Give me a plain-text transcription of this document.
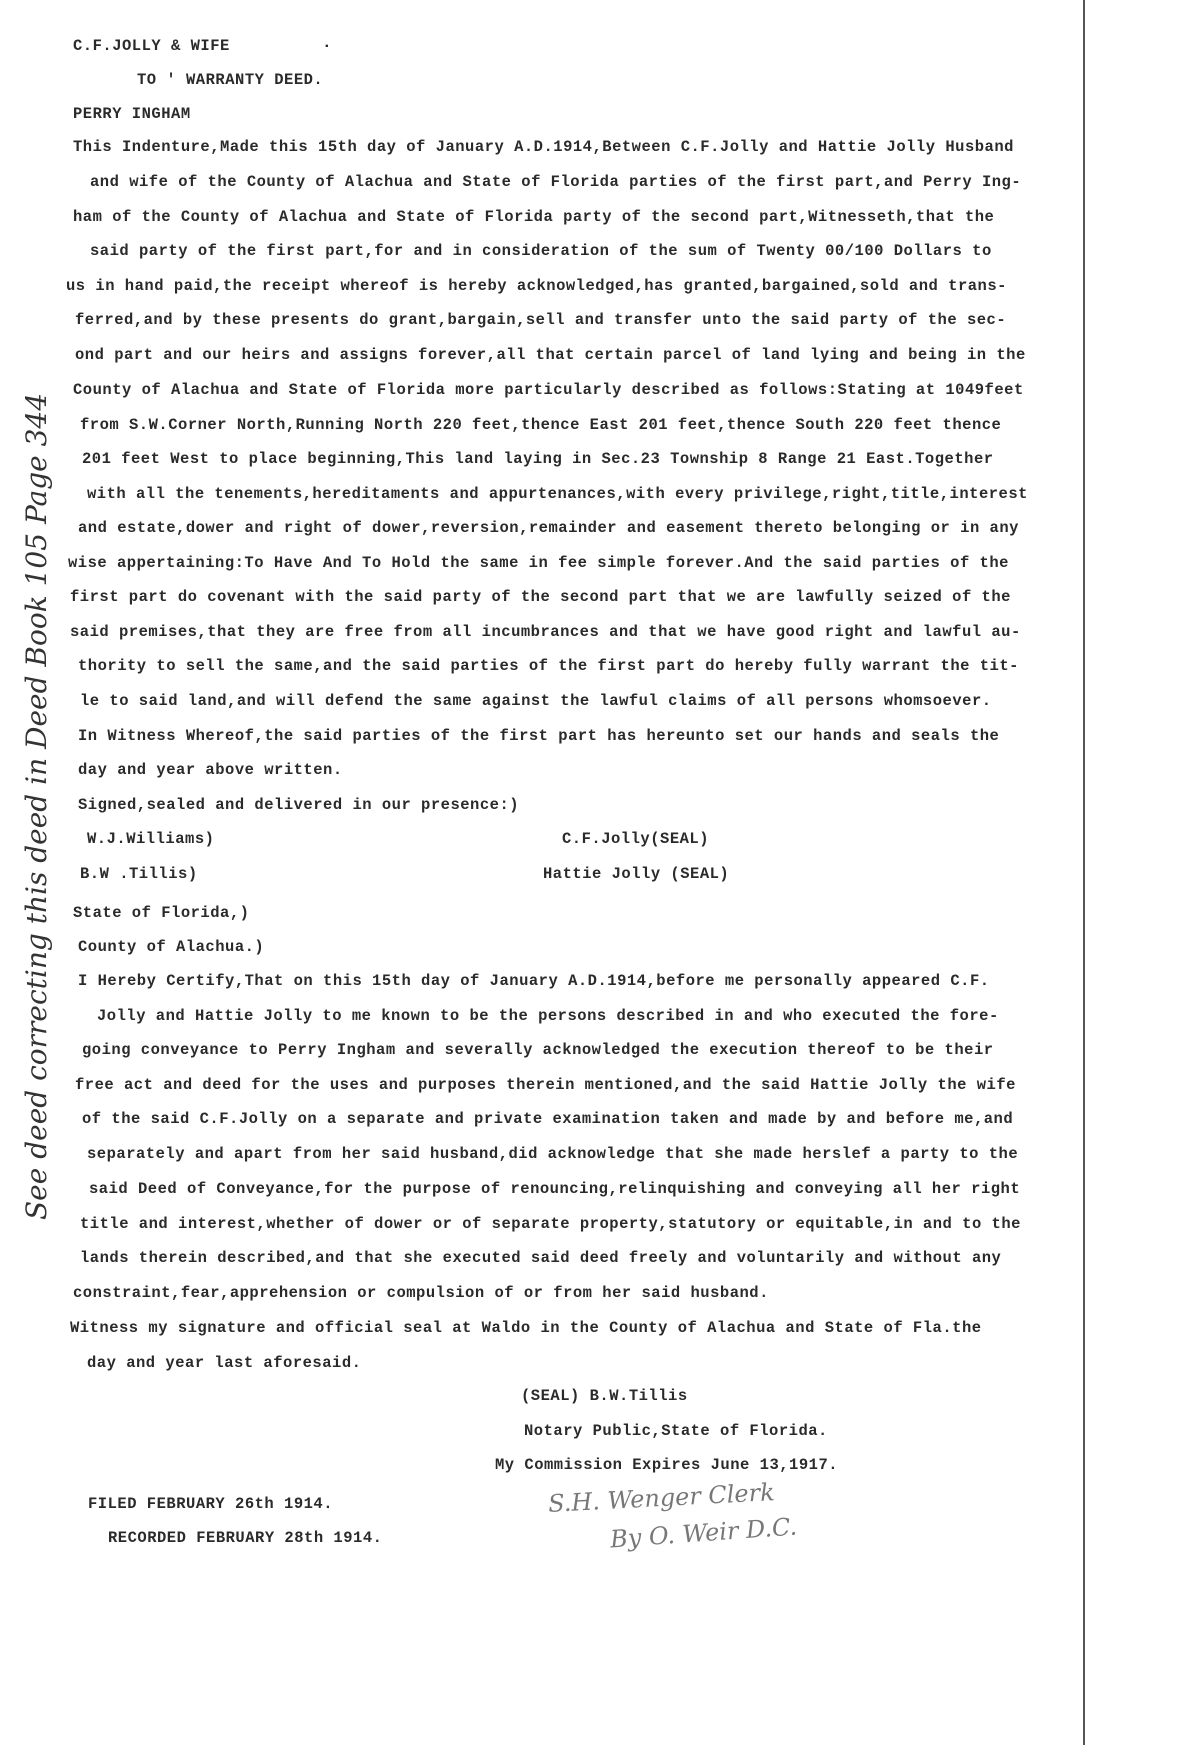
C.F.JOLLY & WIFE	.
TO ' WARRANTY DEED.
PERRY INGHAM
This Indenture,Made this 15th day of January A.D.1914,Between C.F.Jolly and Hattie Jolly Husband
and wife of the County of Alachua and State of Florida parties of the first part,and Perry Ing-
ham of the County of Alachua and State of Florida party of the second part,Witnesseth,that the
said party of the first part,for and in consideration of the sum of Twenty 00/100 Dollars to
us in hand paid,the receipt whereof is hereby acknowledged,has granted,bargained,sold and trans-
ferred,and by these presents do grant,bargain,sell and transfer unto the said party of the sec-
ond part and our heirs and assigns forever,all that certain parcel of land lying and being in the
County of Alachua and State of Florida more particularly described as follows:Stating at 1049feet
from S.W.Corner North,Running North 220 feet,thence East 201 feet,thence South 220 feet thence
201 feet West to place beginning,This land laying in Sec.23 Township 8 Range 21 East.Together
with all the tenements,hereditaments and appurtenances,with every privilege,right,title,interest
and estate,dower and right of dower,reversion,remainder and easement thereto belonging or in any
wise appertaining:To Have And To Hold the same in fee simple forever.And the said parties of the
first part do covenant with the said party of the second part that we are lawfully seized of the
said premises,that they are free from all incumbrances and that we have good right and lawful au-
thority to sell the same,and the said parties of the first part do hereby fully warrant the tit-
le to said land,and will defend the same against the lawful claims of all persons whomsoever.
In Witness Whereof,the said parties of the first part has hereunto set our hands and seals the
day and year above written.
Signed,sealed and delivered in our presence:)
W.J.Williams)	C.F.Jolly(SEAL)
B.W .Tillis)	Hattie Jolly (SEAL)
State of Florida,)
County of Alachua.)
I Hereby Certify,That on this 15th day of January A.D.1914,before me personally appeared C.F.
Jolly and Hattie Jolly to me known to be the persons described in and who executed the fore-
going conveyance to Perry Ingham and severally acknowledged the execution thereof to be their
free act and deed for the uses and purposes therein mentioned,and the said Hattie Jolly the wife
of the said C.F.Jolly on a separate and private examination taken and made by and before me,and
separately and apart from her said husband,did acknowledge that she made herslef a party to the
said Deed of Conveyance,for the purpose of renouncing,relinquishing and conveying all her right
title and interest,whether of dower or of separate property,statutory or equitable,in and to the
lands therein described,and that she executed said deed freely and voluntarily and without any
constraint,fear,apprehension or compulsion of or from her said husband.
Witness my signature and official seal at Waldo in the County of Alachua and State of Fla.the
day and year last aforesaid.
(SEAL) B.W.Tillis
Notary Public,State of Florida.
My Commission Expires June 13,1917.
FILED FEBRUARY 26th 1914.
RECORDED FEBRUARY 28th 1914.
S.H. Wenger Clerk
By O. Weir D.C.
See deed correcting this deed in Deed Book 105 Page 344
